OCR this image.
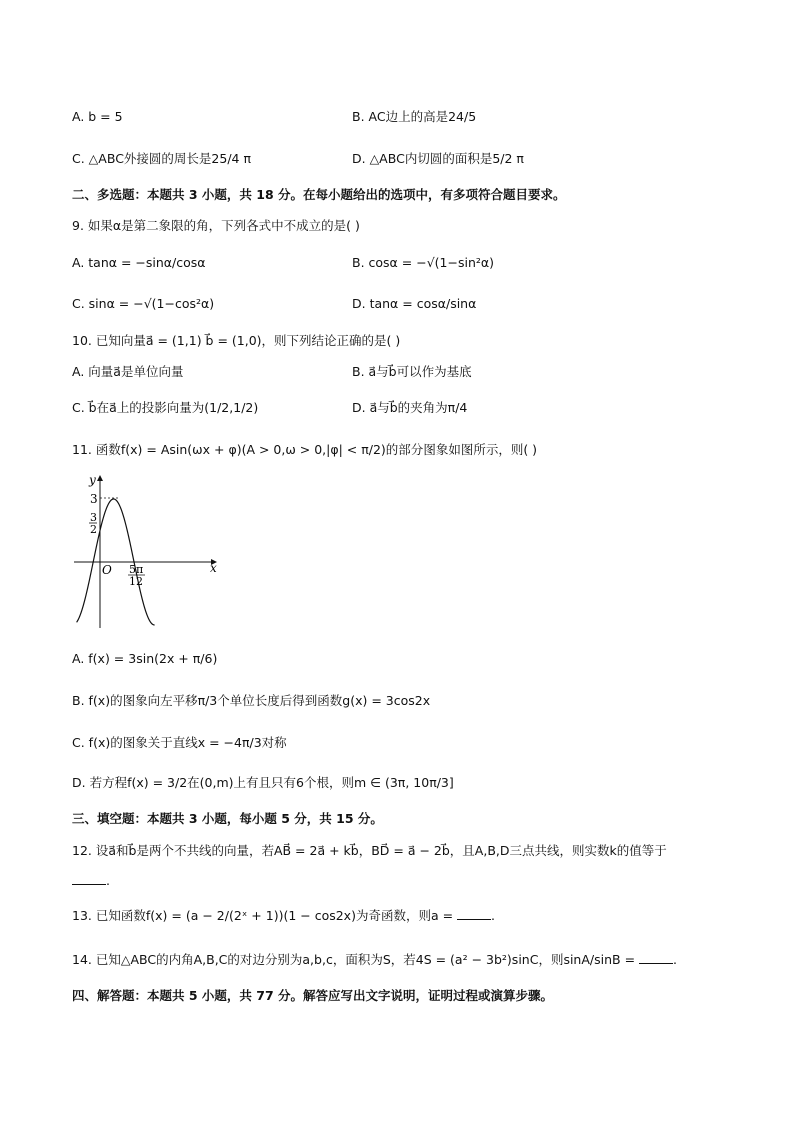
A. b = 5	B. AC边上的高是24/5
C. △ABC外接圆的周长是25/4 π	D. △ABC内切圆的面积是5/2 π
二、多选题：本题共 3 小题，共 18 分。在每小题给出的选项中，有多项符合题目要求。
9. 如果α是第二象限的角，下列各式中不成立的是( )
A. tanα = −sinα/cosα	B. cosα = −√(1−sin²α)
C. sinα = −√(1−cos²α)	D. tanα = cosα/sinα
10. 已知向量a⃗ = (1,1) b⃗ = (1,0)，则下列结论正确的是( )
A. 向量a⃗是单位向量	B. a⃗与b⃗可以作为基底
C. b⃗在a⃗上的投影向量为(1/2,1/2)	D. a⃗与b⃗的夹角为π/4
11. 函数f(x) = Asin(ωx + φ)(A > 0,ω > 0,|φ| < π/2)的部分图象如图所示，则( )
y
x
O
3
3
2
5π
12
A. f(x) = 3sin(2x + π/6)
B. f(x)的图象向左平移π/3个单位长度后得到函数g(x) = 3cos2x
C. f(x)的图象关于直线x = −4π/3对称
D. 若方程f(x) = 3/2在(0,m)上有且只有6个根，则m ∈ (3π, 10π/3]
三、填空题：本题共 3 小题，每小题 5 分，共 15 分。
12. 设a⃗和b⃗是两个不共线的向量，若AB⃗ = 2a⃗ + kb⃗，BD⃗ = a⃗ − 2b⃗，且A,B,D三点共线，则实数k的值等于
.
13. 已知函数f(x) = (a − 2/(2ˣ + 1))(1 − cos2x)为奇函数，则a =	.
14. 已知△ABC的内角A,B,C的对边分别为a,b,c，面积为S，若4S = (a² − 3b²)sinC，则sinA/sinB =	.
四、解答题：本题共 5 小题，共 77 分。解答应写出文字说明，证明过程或演算步骤。
